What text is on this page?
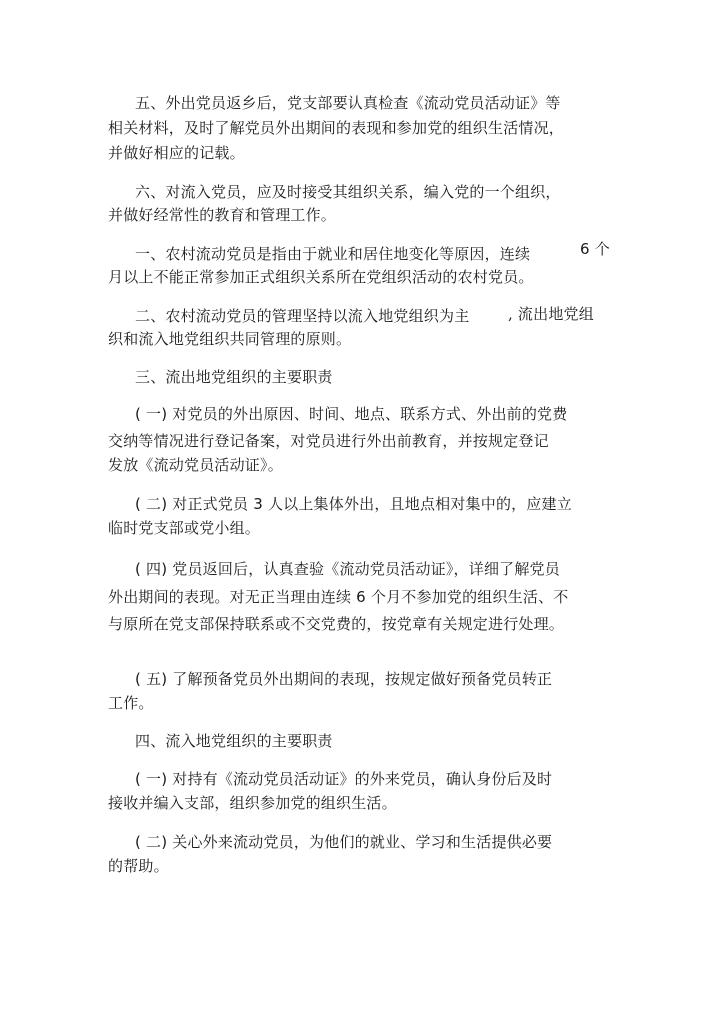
五、外出党员返乡后，党支部要认真检查《流动党员活动证》等
相关材料，及时了解党员外出期间的表现和参加党的组织生活情况，
并做好相应的记载。
六、对流入党员，应及时接受其组织关系，编入党的一个组织，
并做好经常性的教育和管理工作。
一、农村流动党员是指由于就业和居住地变化等原因，连续	6 个
月以上不能正常参加正式组织关系所在党组织活动的农村党员。
二、农村流动党员的管理坚持以流入地党组织为主	, 流出地党组
织和流入地党组织共同管理的原则。
三、流出地党组织的主要职责
( 一) 对党员的外出原因、时间、地点、联系方式、外出前的党费
交纳等情况进行登记备案，对党员进行外出前教育，并按规定登记
发放《流动党员活动证》。
( 二) 对正式党员 3 人以上集体外出，且地点相对集中的，应建立
临时党支部或党小组。
( 四) 党员返回后，认真查验《流动党员活动证》，详细了解党员
外出期间的表现。对无正当理由连续 6 个月不参加党的组织生活、不
与原所在党支部保持联系或不交党费的，按党章有关规定进行处理。
( 五) 了解预备党员外出期间的表现，按规定做好预备党员转正
工作。
四、流入地党组织的主要职责
( 一) 对持有《流动党员活动证》的外来党员，确认身份后及时
接收并编入支部，组织参加党的组织生活。
( 二) 关心外来流动党员，为他们的就业、学习和生活提供必要
的帮助。
